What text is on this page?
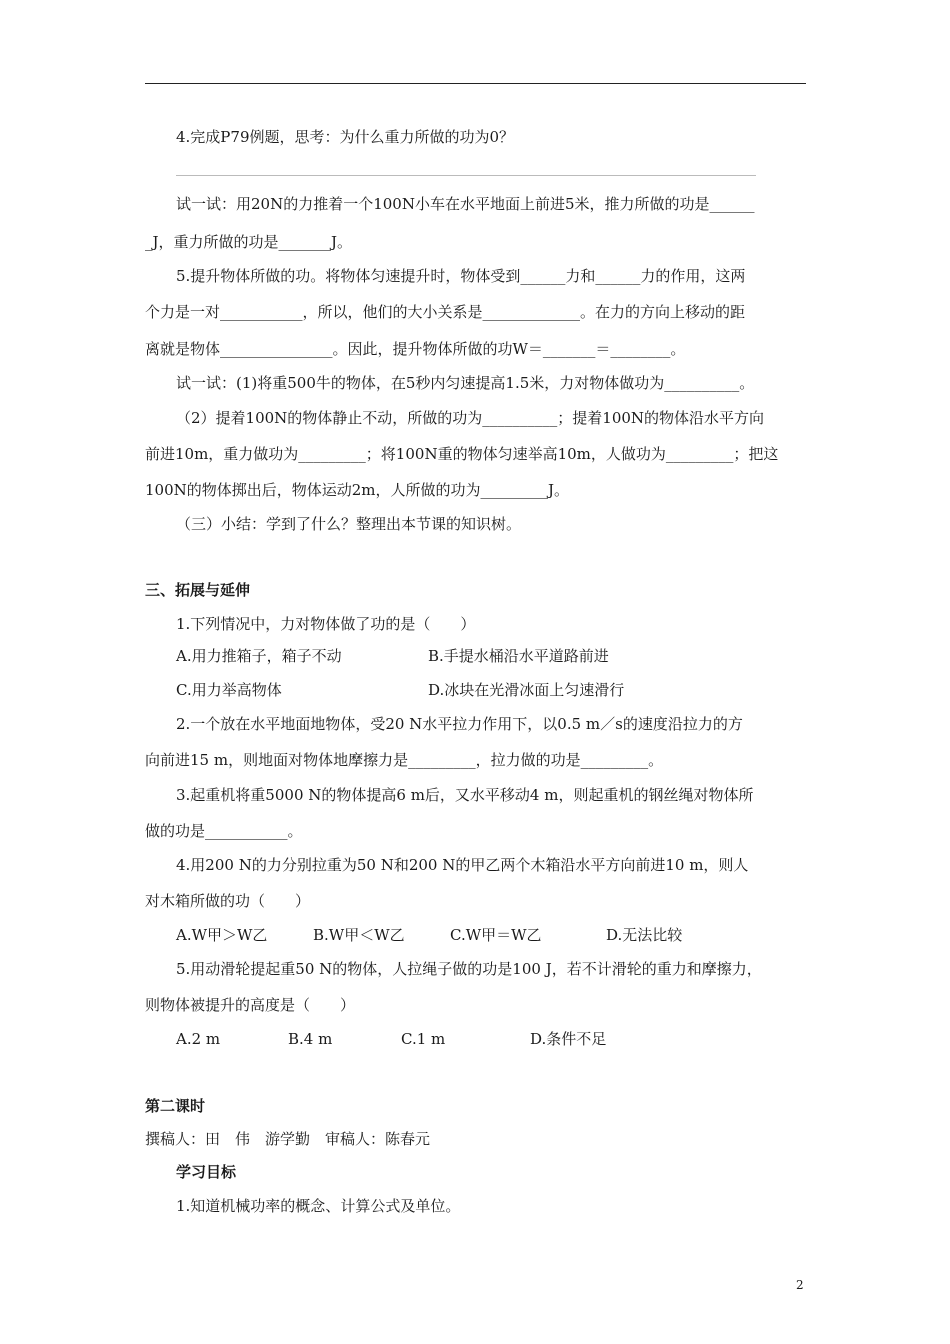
4.完成P79例题，思考：为什么重力所做的功为0？
试一试：用20N的力推着一个100N小车在水平地面上前进5米，推力所做的功是______
_J，重力所做的功是_______J。
5.提升物体所做的功。将物体匀速提升时，物体受到______力和______力的作用，这两
个力是一对___________，所以，他们的大小关系是_____________。在力的方向上移动的距
离就是物体_______________。因此，提升物体所做的功W＝_______＝________。
试一试：(1)将重500牛的物体，在5秒内匀速提高1.5米，力对物体做功为__________。
（2）提着100N的物体静止不动，所做的功为__________；提着100N的物体沿水平方向
前进10m，重力做功为_________；将100N重的物体匀速举高10m，人做功为_________；把这
100N的物体掷出后，物体运动2m，人所做的功为_________J。
（三）小结：学到了什么？整理出本节课的知识树。
三、拓展与延伸
1.下列情况中，力对物体做了功的是（　　）
A.用力推箱子，箱子不动	B.手提水桶沿水平道路前进
C.用力举高物体	D.冰块在光滑冰面上匀速滑行
2.一个放在水平地面地物体，受20 N水平拉力作用下，以0.5 m／s的速度沿拉力的方
向前进15 m，则地面对物体地摩擦力是_________，拉力做的功是_________。
3.起重机将重5000 N的物体提高6 m后，又水平移动4 m，则起重机的钢丝绳对物体所
做的功是___________。
4.用200 N的力分别拉重为50 N和200 N的甲乙两个木箱沿水平方向前进10 m，则人
对木箱所做的功（　　）
A.W甲＞W乙	B.W甲＜W乙	C.W甲＝W乙	D.无法比较
5.用动滑轮提起重50 N的物体，人拉绳子做的功是100 J，若不计滑轮的重力和摩擦力，
则物体被提升的高度是（　　）
A.2 m	B.4 m	C.1 m	D.条件不足
第二课时
撰稿人：田　伟　游学勤　审稿人：陈春元
学习目标
1.知道机械功率的概念、计算公式及单位。
2
